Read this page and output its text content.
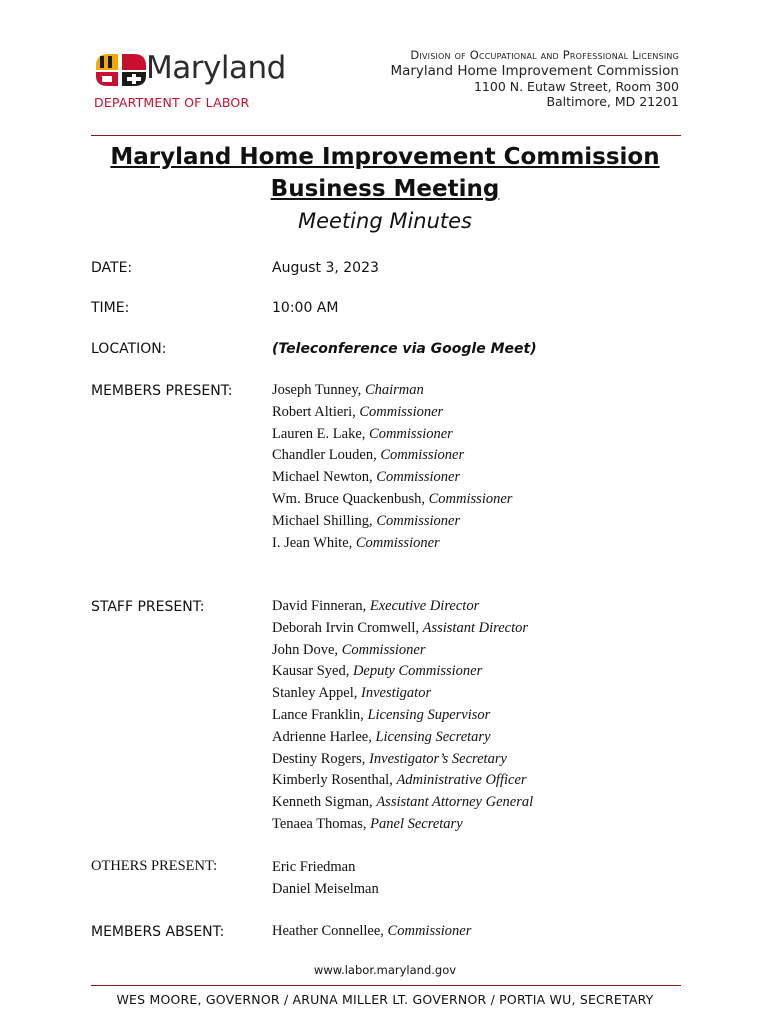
Maryland
DEPARTMENT OF LABOR
Division of Occupational and Professional Licensing
Maryland Home Improvement Commission
1100 N. Eutaw Street, Room 300
Baltimore, MD 21201
Maryland Home Improvement Commission
Business Meeting
Meeting Minutes
DATE:	August 3, 2023
TIME:	10:00 AM
LOCATION:	(Teleconference via Google Meet)
MEMBERS PRESENT:	Joseph Tunney, Chairman
Robert Altieri, Commissioner
Lauren E. Lake, Commissioner
Chandler Louden, Commissioner
Michael Newton, Commissioner
Wm. Bruce Quackenbush, Commissioner
Michael Shilling, Commissioner
I. Jean White, Commissioner
STAFF PRESENT:	David Finneran, Executive Director
Deborah Irvin Cromwell, Assistant Director
John Dove, Commissioner
Kausar Syed, Deputy Commissioner
Stanley Appel, Investigator
Lance Franklin, Licensing Supervisor
Adrienne Harlee, Licensing Secretary
Destiny Rogers, Investigator’s Secretary
Kimberly Rosenthal, Administrative Officer
Kenneth Sigman, Assistant Attorney General
Tenaea Thomas, Panel Secretary
OTHERS PRESENT:	Eric Friedman
Daniel Meiselman
MEMBERS ABSENT:	Heather Connellee, Commissioner
www.labor.maryland.gov
WES MOORE, GOVERNOR / ARUNA MILLER LT. GOVERNOR / PORTIA WU, SECRETARY
